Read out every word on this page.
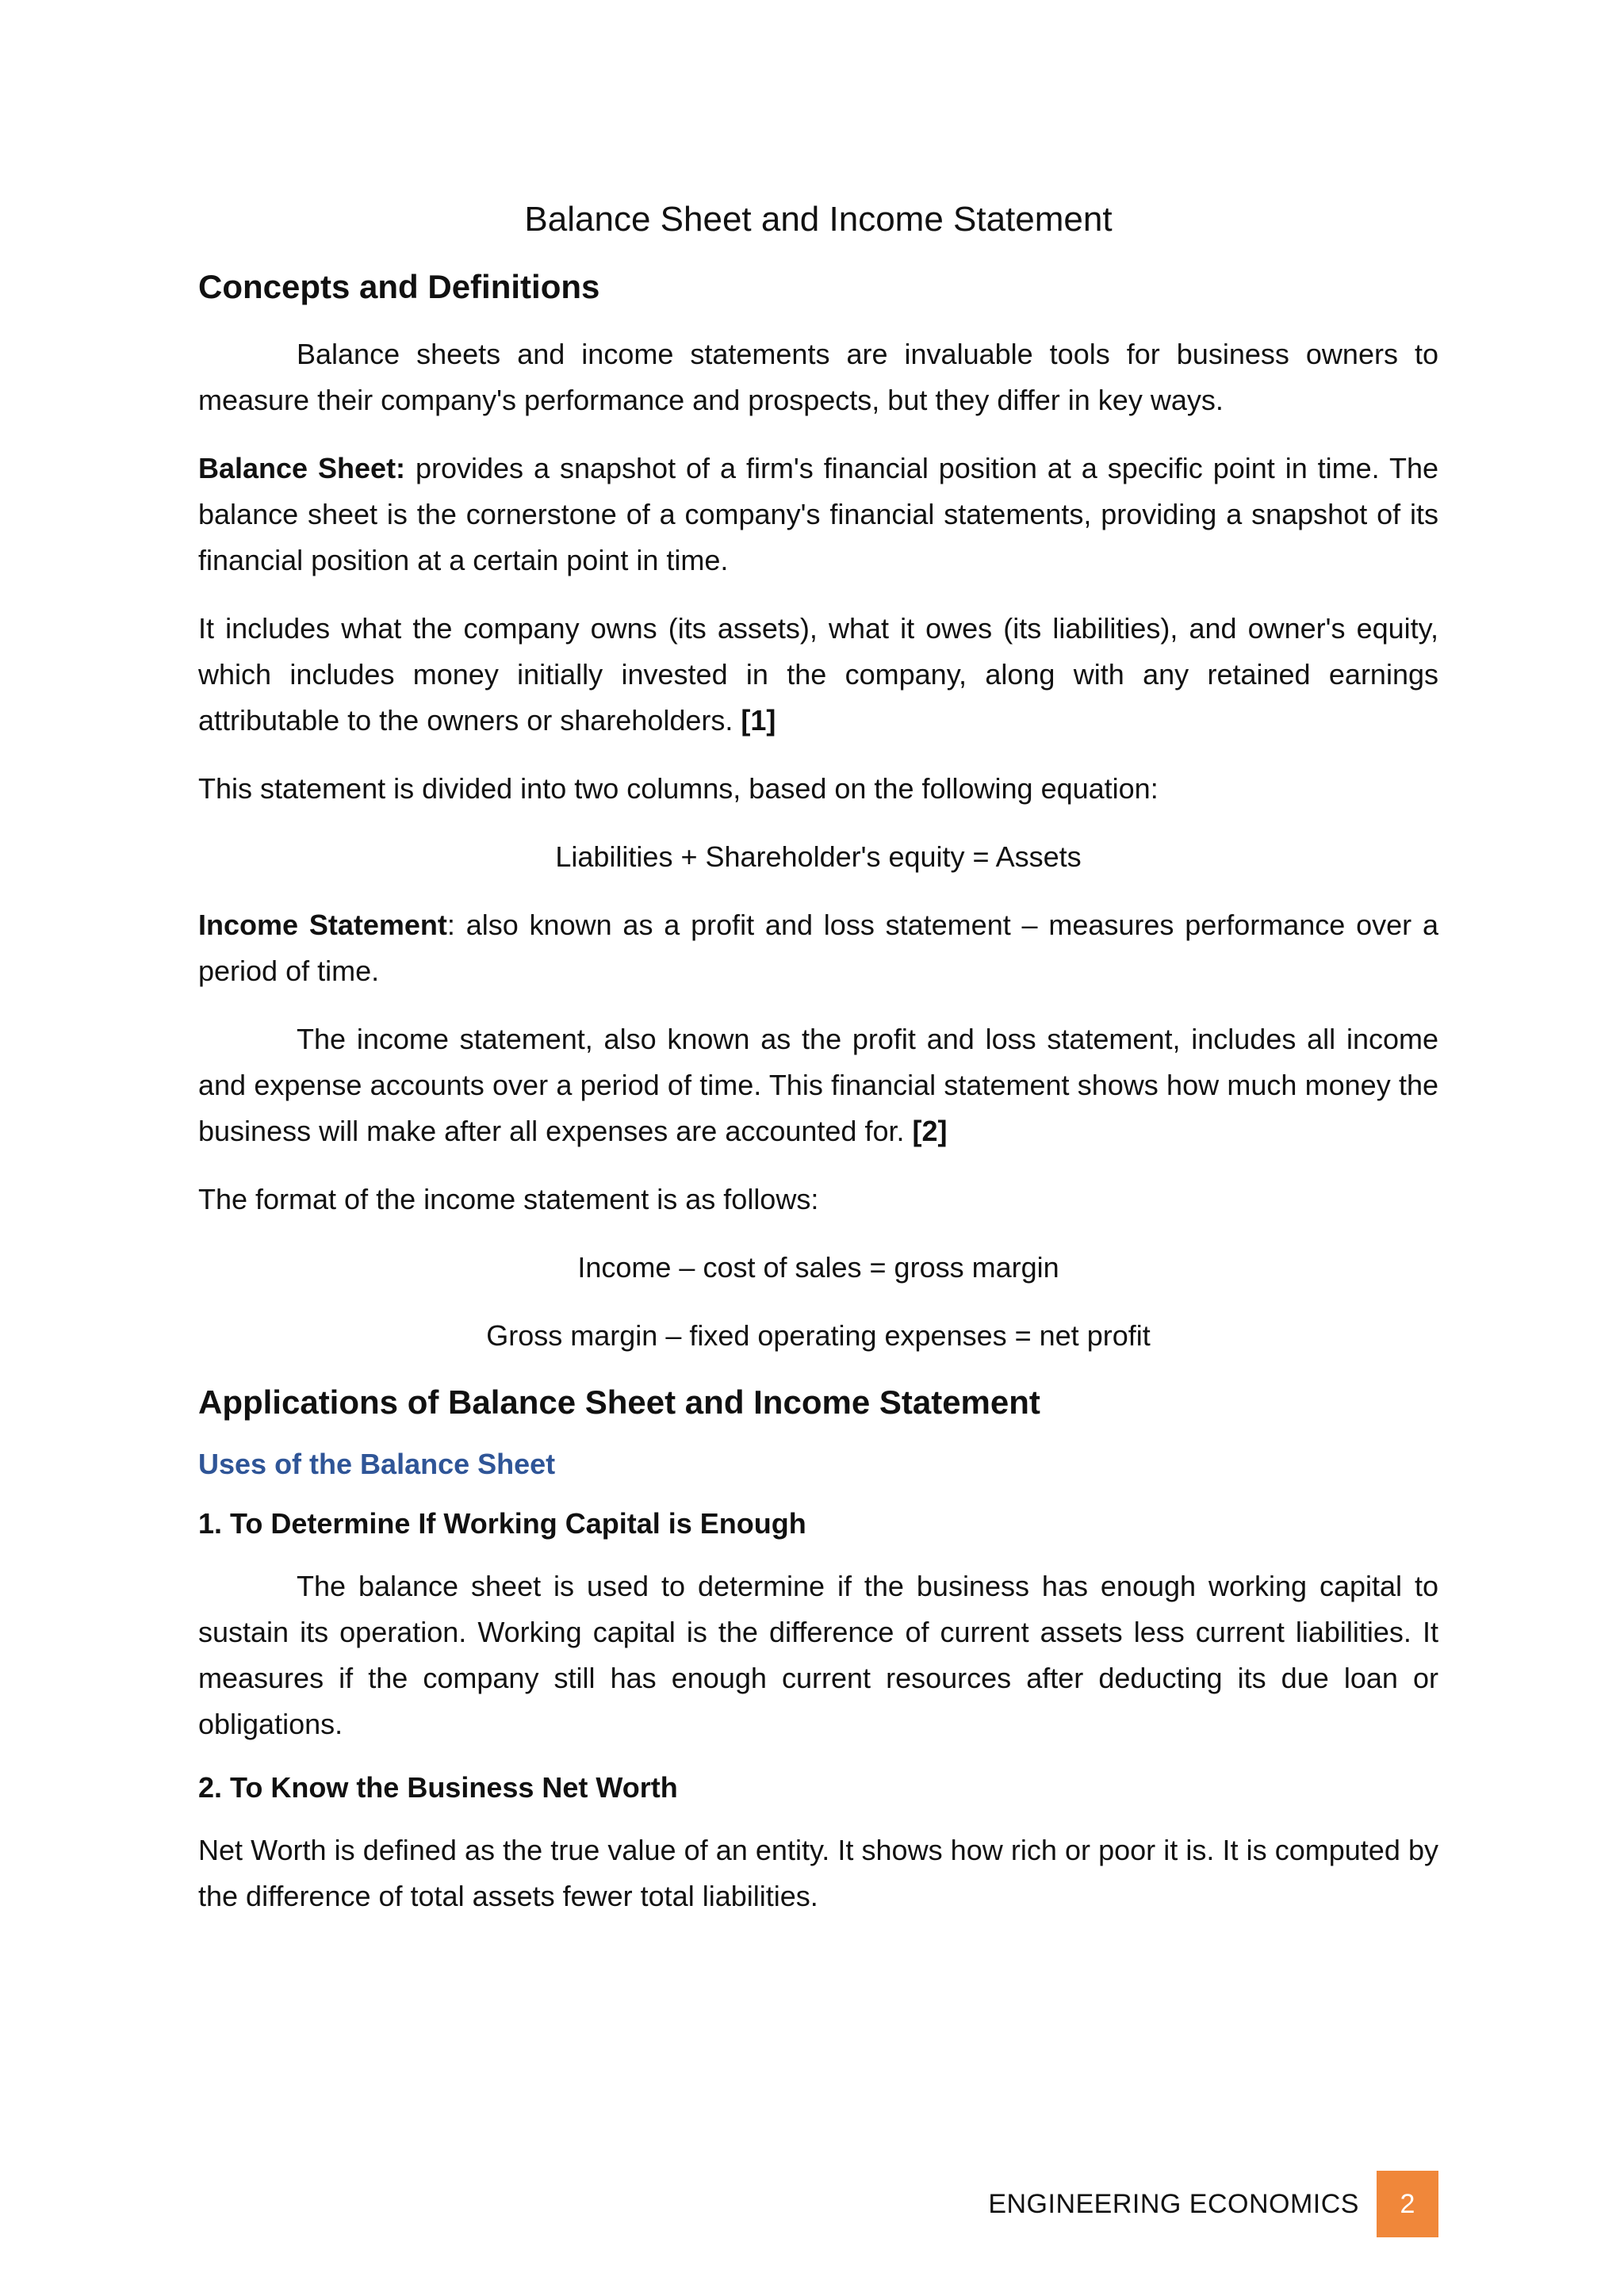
Balance Sheet and Income Statement
Concepts and Definitions

Balance sheets and income statements are invaluable tools for business owners to measure their company's performance and prospects, but they differ in key ways.

Balance Sheet: provides a snapshot of a firm's financial position at a specific point in time. The balance sheet is the cornerstone of a company's financial statements, providing a snapshot of its financial position at a certain point in time.

It includes what the company owns (its assets), what it owes (its liabilities), and owner's equity, which includes money initially invested in the company, along with any retained earnings attributable to the owners or shareholders. [1]

This statement is divided into two columns, based on the following equation:

Liabilities + Shareholder's equity = Assets

Income Statement: also known as a profit and loss statement – measures performance over a period of time.

The income statement, also known as the profit and loss statement, includes all income and expense accounts over a period of time. This financial statement shows how much money the business will make after all expenses are accounted for. [2]

The format of the income statement is as follows:

Income – cost of sales = gross margin

Gross margin – fixed operating expenses = net profit

Applications of Balance Sheet and Income Statement
Uses of the Balance Sheet
1. To Determine If Working Capital is Enough

The balance sheet is used to determine if the business has enough working capital to sustain its operation. Working capital is the difference of current assets less current liabilities. It measures if the company still has enough current resources after deducting its due loan or obligations.

2. To Know the Business Net Worth

Net Worth is defined as the true value of an entity. It shows how rich or poor it is. It is computed by the difference of total assets fewer total liabilities.

ENGINEERING ECONOMICS	2
